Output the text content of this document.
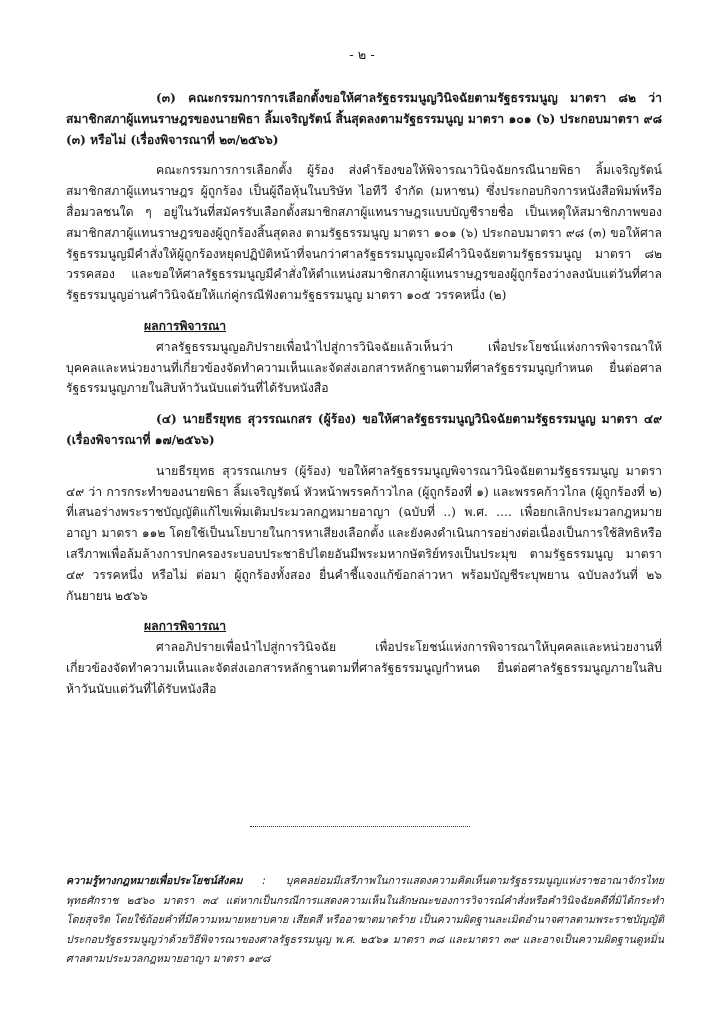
- ๒ -

(๓) คณะกรรมการการเลือกตั้งขอให้ศาลรัฐธรรมนูญวินิจฉัยตามรัฐธรรมนูญ มาตรา ๘๒ ว่า สมาชิกสภาผู้แทนราษฎรของนายพิธา ลิ้มเจริญรัตน์ สิ้นสุดลงตามรัฐธรรมนูญ มาตรา ๑๐๑ (๖) ประกอบมาตรา ๙๘ (๓) หรือไม่ (เรื่องพิจารณาที่ ๒๓/๒๕๖๖)

คณะกรรมการการเลือกตั้ง ผู้ร้อง ส่งคำร้องขอให้พิจารณาวินิจฉัยกรณีนายพิธา ลิ้มเจริญรัตน์ สมาชิกสภาผู้แทนราษฎร ผู้ถูกร้อง เป็นผู้ถือหุ้นในบริษัท ไอทีวี จำกัด (มหาชน) ซึ่งประกอบกิจการหนังสือพิมพ์หรือสื่อมวลชนใด ๆ อยู่ในวันที่สมัครรับเลือกตั้งสมาชิกสภาผู้แทนราษฎรแบบบัญชีรายชื่อ เป็นเหตุให้สมาชิกภาพของสมาชิกสภาผู้แทนราษฎรของผู้ถูกร้องสิ้นสุดลง ตามรัฐธรรมนูญ มาตรา ๑๐๑ (๖) ประกอบมาตรา ๙๘ (๓) ขอให้ศาลรัฐธรรมนูญมีคำสั่งให้ผู้ถูกร้องหยุดปฏิบัติหน้าที่จนกว่าศาลรัฐธรรมนูญจะมีคำวินิจฉัยตามรัฐธรรมนูญ มาตรา ๘๒ วรรคสอง และขอให้ศาลรัฐธรรมนูญมีคำสั่งให้ตำแหน่งสมาชิกสภาผู้แทนราษฎรของผู้ถูกร้องว่างลงนับแต่วันที่ศาลรัฐธรรมนูญอ่านคำวินิจฉัยให้แก่คู่กรณีฟังตามรัฐธรรมนูญ มาตรา ๑๐๕ วรรคหนึ่ง (๒)

ผลการพิจารณา

ศาลรัฐธรรมนูญอภิปรายเพื่อนำไปสู่การวินิจฉัยแล้วเห็นว่า เพื่อประโยชน์แห่งการพิจารณาให้บุคคลและหน่วยงานที่เกี่ยวข้องจัดทำความเห็นและจัดส่งเอกสารหลักฐานตามที่ศาลรัฐธรรมนูญกำหนด ยื่นต่อศาลรัฐธรรมนูญภายในสิบห้าวันนับแต่วันที่ได้รับหนังสือ

(๔) นายธีรยุทธ สุวรรณเกสร (ผู้ร้อง) ขอให้ศาลรัฐธรรมนูญวินิจฉัยตามรัฐธรรมนูญ มาตรา ๔๙ (เรื่องพิจารณาที่ ๑๗/๒๕๖๖)

นายธีรยุทธ สุวรรณเกษร (ผู้ร้อง) ขอให้ศาลรัฐธรรมนูญพิจารณาวินิจฉัยตามรัฐธรรมนูญ มาตรา ๔๙ ว่า การกระทำของนายพิธา ลิ้มเจริญรัตน์ หัวหน้าพรรคก้าวไกล (ผู้ถูกร้องที่ ๑) และพรรคก้าวไกล (ผู้ถูกร้องที่ ๒) ที่เสนอร่างพระราชบัญญัติแก้ไขเพิ่มเติมประมวลกฎหมายอาญา (ฉบับที่ ..) พ.ศ. .... เพื่อยกเลิกประมวลกฎหมายอาญา มาตรา ๑๑๒ โดยใช้เป็นนโยบายในการหาเสียงเลือกตั้ง และยังคงดำเนินการอย่างต่อเนื่องเป็นการใช้สิทธิหรือเสรีภาพเพื่อล้มล้างการปกครองระบอบประชาธิปไตยอันมีพระมหากษัตริย์ทรงเป็นประมุข ตามรัฐธรรมนูญ มาตรา ๔๙ วรรคหนึ่ง หรือไม่ ต่อมา ผู้ถูกร้องทั้งสอง ยื่นคำชี้แจงแก้ข้อกล่าวหา พร้อมบัญชีระบุพยาน ฉบับลงวันที่ ๒๖ กันยายน ๒๕๖๖

ผลการพิจารณา

ศาลอภิปรายเพื่อนำไปสู่การวินิจฉัย เพื่อประโยชน์แห่งการพิจารณาให้บุคคลและหน่วยงานที่เกี่ยวข้องจัดทำความเห็นและจัดส่งเอกสารหลักฐานตามที่ศาลรัฐธรรมนูญกำหนด ยื่นต่อศาลรัฐธรรมนูญภายในสิบห้าวันนับแต่วันที่ได้รับหนังสือ

ความรู้ทางกฎหมายเพื่อประโยชน์สังคม : บุคคลย่อมมีเสรีภาพในการแสดงความคิดเห็นตามรัฐธรรมนูญแห่งราชอาณาจักรไทย พุทธศักราช ๒๕๖๐ มาตรา ๓๔ แต่หากเป็นกรณีการแสดงความเห็นในลักษณะของการวิจารณ์คำสั่งหรือคำวินิจฉัยคดีที่มิได้กระทำโดยสุจริต โดยใช้ถ้อยคำที่มีความหมายหยาบคาย เสียดสี หรืออาฆาตมาดร้าย เป็นความผิดฐานละเมิดอำนาจศาลตามพระราชบัญญัติประกอบรัฐธรรมนูญว่าด้วยวิธีพิจารณาของศาลรัฐธรรมนูญ พ.ศ. ๒๕๖๑ มาตรา ๓๘ และมาตรา ๓๙ และอาจเป็นความผิดฐานดูหมิ่นศาลตามประมวลกฎหมายอาญา มาตรา ๑๙๘
